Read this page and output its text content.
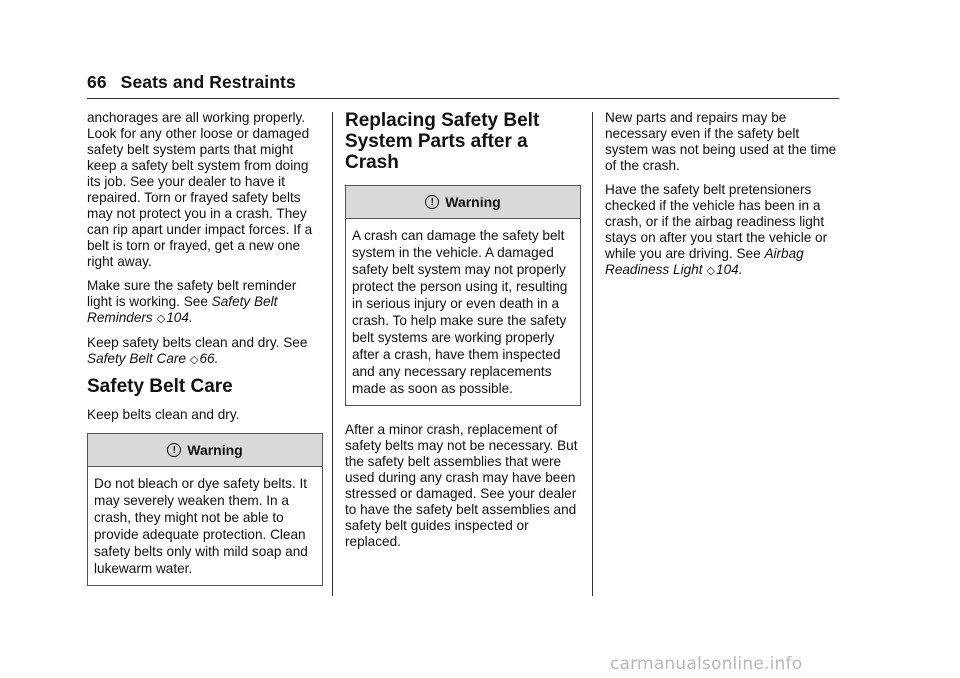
66 Seats and Restraints

anchorages are all working properly. Look for any other loose or damaged safety belt system parts that might keep a safety belt system from doing its job. See your dealer to have it repaired. Torn or frayed safety belts may not protect you in a crash. They can rip apart under impact forces. If a belt is torn or frayed, get a new one right away.

Make sure the safety belt reminder light is working. See Safety Belt Reminders ◇104.

Keep safety belts clean and dry. See Safety Belt Care ◇66.

Safety Belt Care

Keep belts clean and dry.

! Warning
Do not bleach or dye safety belts. It may severely weaken them. In a crash, they might not be able to provide adequate protection. Clean safety belts only with mild soap and lukewarm water.
Replacing Safety Belt System Parts after a Crash
! Warning
A crash can damage the safety belt system in the vehicle. A damaged safety belt system may not properly protect the person using it, resulting in serious injury or even death in a crash. To help make sure the safety belt systems are working properly after a crash, have them inspected and any necessary replacements made as soon as possible.

After a minor crash, replacement of safety belts may not be necessary. But the safety belt assemblies that were used during any crash may have been stressed or damaged. See your dealer to have the safety belt assemblies and safety belt guides inspected or replaced.

New parts and repairs may be necessary even if the safety belt system was not being used at the time of the crash.

Have the safety belt pretensioners checked if the vehicle has been in a crash, or if the airbag readiness light stays on after you start the vehicle or while you are driving. See Airbag Readiness Light ◇104.

carmanualsonline.info
